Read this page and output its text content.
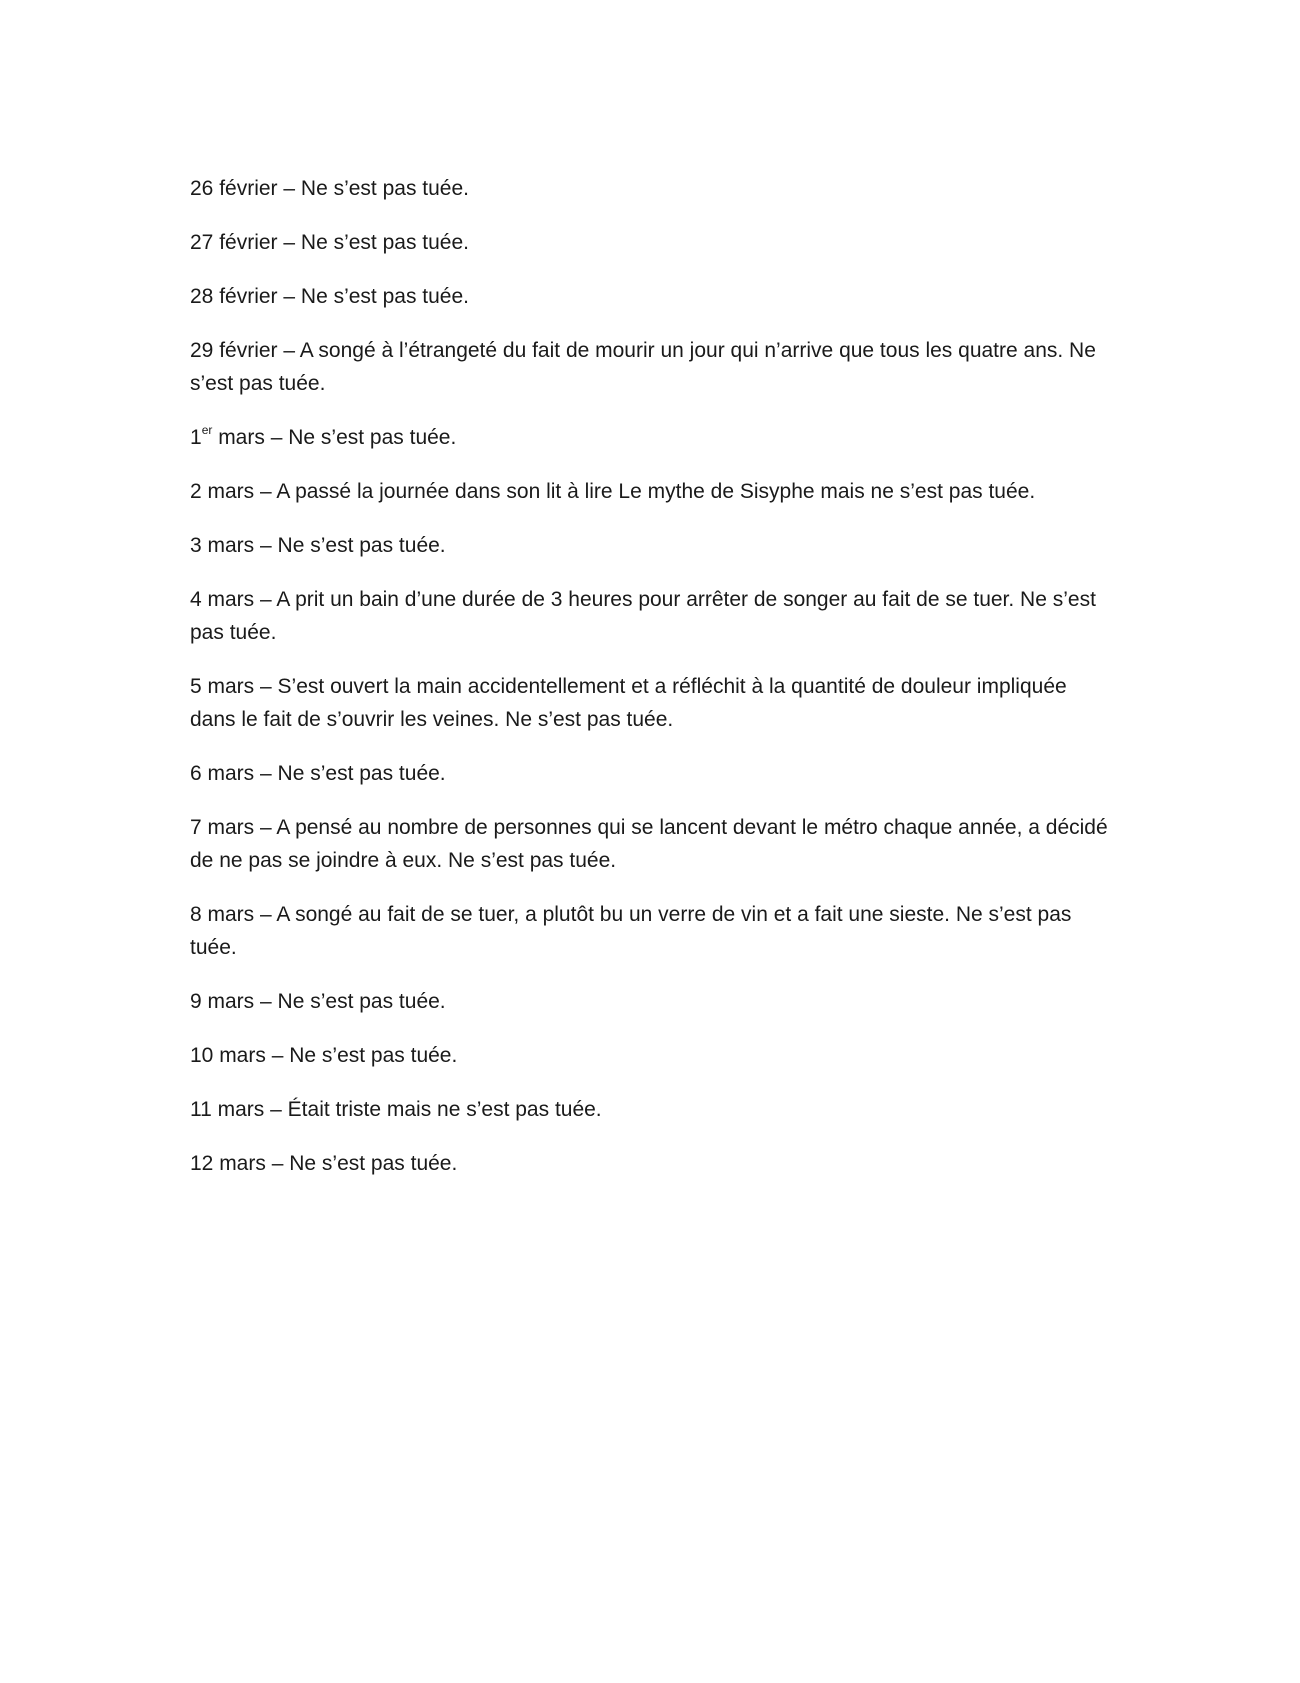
26 février – Ne s’est pas tuée.

27 février – Ne s’est pas tuée.

28 février – Ne s’est pas tuée.

29 février – A songé à l’étrangeté du fait de mourir un jour qui n’arrive que tous les quatre ans. Ne s’est pas tuée.

1er mars – Ne s’est pas tuée.

2 mars – A passé la journée dans son lit à lire Le mythe de Sisyphe mais ne s’est pas tuée.

3 mars – Ne s’est pas tuée.

4 mars – A prit un bain d’une durée de 3 heures pour arrêter de songer au fait de se tuer. Ne s’est pas tuée.

5 mars – S’est ouvert la main accidentellement et a réfléchit à la quantité de douleur impliquée dans le fait de s’ouvrir les veines. Ne s’est pas tuée.

6 mars – Ne s’est pas tuée.

7 mars – A pensé au nombre de personnes qui se lancent devant le métro chaque année, a décidé de ne pas se joindre à eux. Ne s’est pas tuée.

8 mars – A songé au fait de se tuer, a plutôt bu un verre de vin et a fait une sieste. Ne s’est pas tuée.

9 mars – Ne s’est pas tuée.

10 mars – Ne s’est pas tuée.

11 mars – Était triste mais ne s’est pas tuée.

12 mars – Ne s’est pas tuée.
